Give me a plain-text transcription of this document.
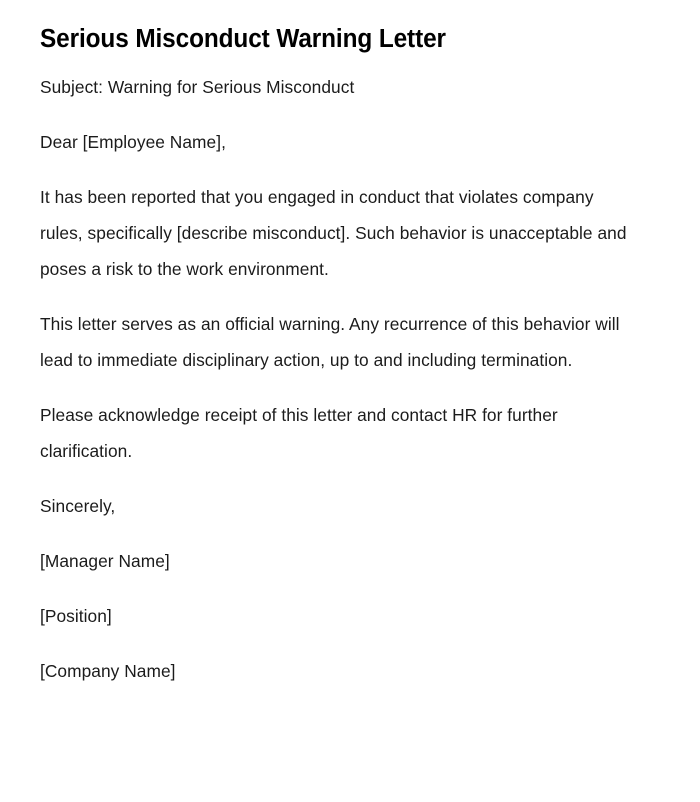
Serious Misconduct Warning Letter

Subject: Warning for Serious Misconduct

Dear [Employee Name],

It has been reported that you engaged in conduct that violates company rules, specifically [describe misconduct]. Such behavior is unacceptable and poses a risk to the work environment.

This letter serves as an official warning. Any recurrence of this behavior will lead to immediate disciplinary action, up to and including termination.

Please acknowledge receipt of this letter and contact HR for further clarification.

Sincerely,

[Manager Name]

[Position]

[Company Name]
